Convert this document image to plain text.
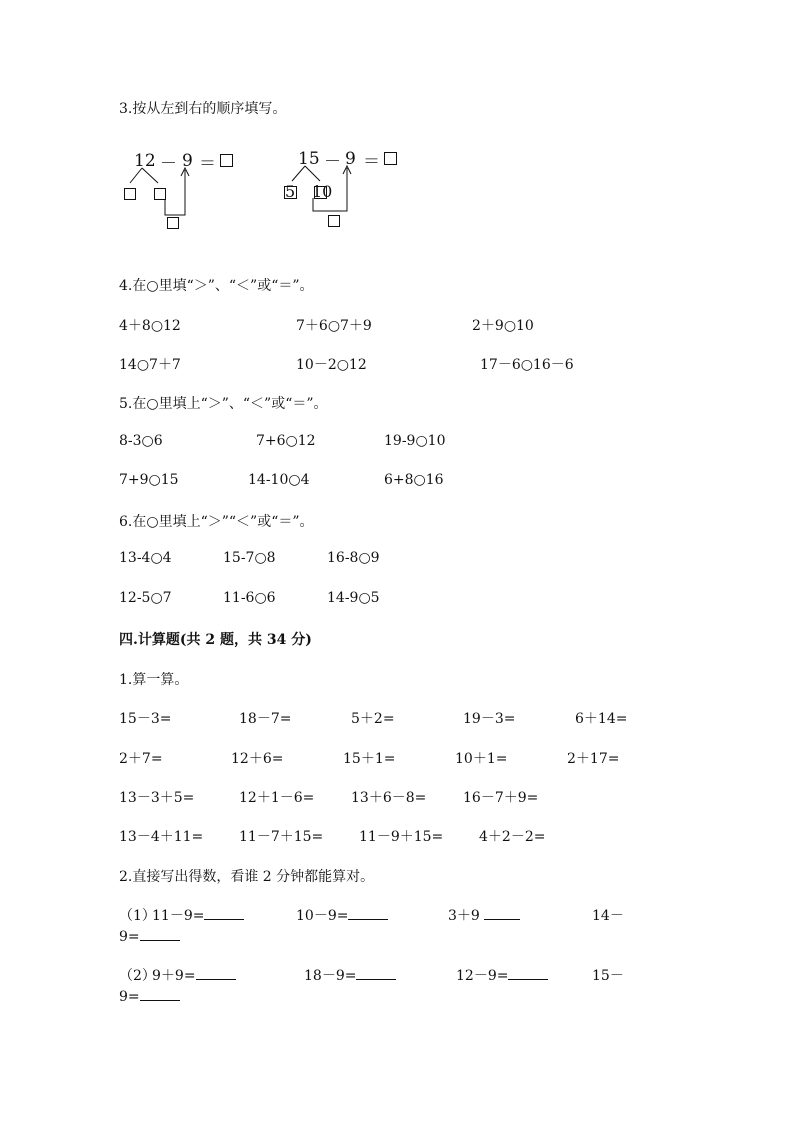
3.按从左到右的顺序填写。
12 － 9 ＝	15 － 9 ＝
5 10
4.在○里填“＞”、“＜”或“＝”。
4＋8○12	7＋6○7＋9	2＋9○10
14○7＋7	10－2○12	17－6○16－6
5.在○里填上“＞”、“＜”或“＝”。
8-3○6	7+6○12	19-9○10
7+9○15	14-10○4	6+8○16
6.在○里填上“＞”“＜”或“＝”。
13-4○4	15-7○8	16-8○9
12-5○7	11-6○6	14-9○5
四.计算题(共 2 题，共 34 分)
1.算一算。
15－3=	18－7=	5＋2=	19－3=	6＋14=
2＋7=	12＋6=	15＋1=	10＋1=	2＋17=
13－3＋5=	12＋1－6=	13＋6－8=	16－7＋9=
13－4＋11=	11－7＋15=	11－9＋15=	4＋2－2=
2.直接写出得数，看谁 2 分钟都能算对。
（1）
11－9=	10－9=	3＋9	14－
9=
（2）
9＋9=	18－9=	12－9=	15－
9=
